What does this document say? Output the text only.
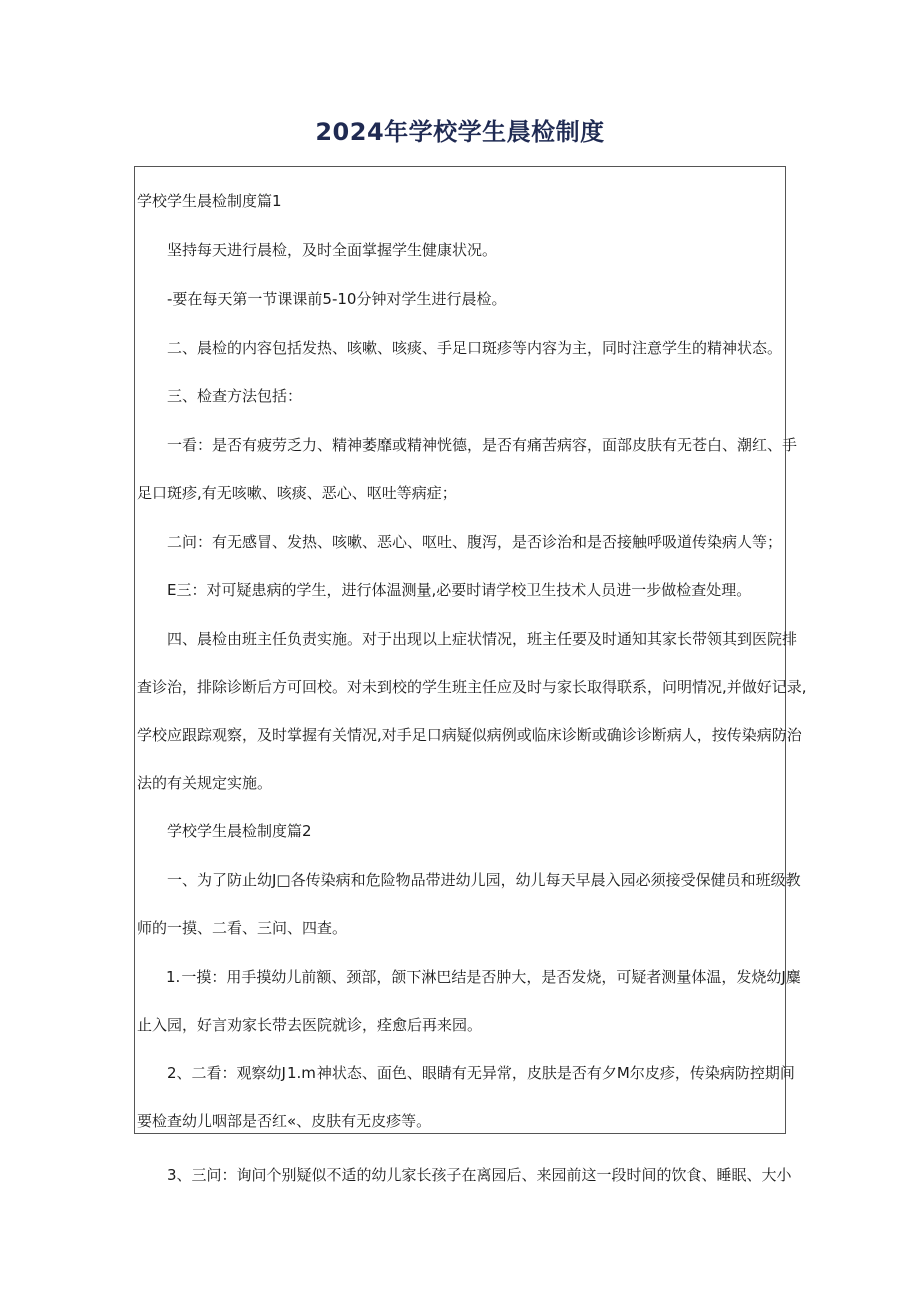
2024年学校学生晨检制度
学校学生晨检制度篇1
坚持每天进行晨检，及时全面掌握学生健康状况。
-要在每天第一节课课前5-10分钟对学生进行晨检。
二、晨检的内容包括发热、咳嗽、咳痰、手足口斑疹等内容为主，同时注意学生的精神状态。
三、检查方法包括：
一看：是否有疲劳乏力、精神萎靡或精神恍德，是否有痛苦病容，面部皮肤有无苍白、潮红、手
足口斑疹,有无咳嗽、咳痰、恶心、呕吐等病症；
二问：有无感冒、发热、咳嗽、恶心、呕吐、腹泻，是否诊治和是否接触呼吸道传染病人等；
E三：对可疑患病的学生，进行体温测量,必要时请学校卫生技术人员进一步做检查处理。
四、晨检由班主任负责实施。对于出现以上症状情况，班主任要及时通知其家长带领其到医院排
查诊治，排除诊断后方可回校。对未到校的学生班主任应及时与家长取得联系，问明情况,并做好记录,
学校应跟踪观察，及时掌握有关情况,对手足口病疑似病例或临床诊断或确诊诊断病人，按传染病防治
法的有关规定实施。
学校学生晨检制度篇2
一、为了防止幼J□各传染病和危险物品带进幼儿园，幼儿每天早晨入园必须接受保健员和班级教
师的一摸、二看、三问、四查。
1.一摸：用手摸幼儿前额、颈部，颌下淋巴结是否肿大，是否发烧，可疑者测量体温，发烧幼J麋
止入园，好言劝家长带去医院就诊，痊愈后再来园。
2、二看：观察幼J1.m神状态、面色、眼睛有无异常，皮肤是否有夕M尔皮疹，传染病防控期间
要检查幼儿咽部是否红«、皮肤有无皮疹等。
3、三问：询问个别疑似不适的幼儿家长孩子在离园后、来园前这一段时间的饮食、睡眠、大小
